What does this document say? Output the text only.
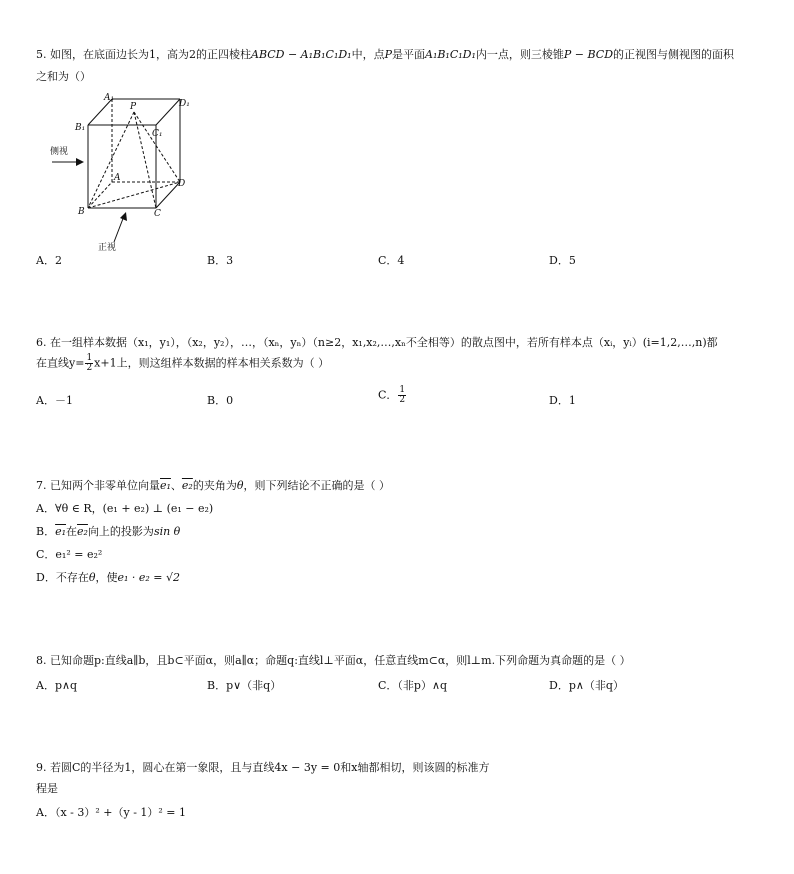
5. 如图，在底面边长为1，高为2的正四棱柱ABCD − A₁B₁C₁D₁中，点P是平面A₁B₁C₁D₁内一点，则三棱锥P − BCD的正视图与侧视图的面积
之和为（）
A₁
P	D₁
B₁
C₁
A
D
B	C
侧视
正视
A．2	B．3	C．4	D．5
6. 在一组样本数据（x₁，y₁），（x₂，y₂），…，（xₙ，yₙ）（n≥2，x₁,x₂,…,xₙ不全相等）的散点图中，若所有样本点（xᵢ，yᵢ）(i=1,2,…,n)都
在直线$y= \frac{1}{2} x+1$上，则这组样本数据的样本相关系数为（ ）
A．－1	B．0	C． $\frac{1}{2}$	D．1
7. 已知两个非零单位向量e₁、e₂的夹角为θ，则下列结论不正确的是（ ）
A．∀θ ∈ R，(e₁ + e₂) ⊥ (e₁ − e₂)
B．e₁在e₂向上的投影为sin θ
C．e₁² = e₂²
D．不存在θ，使e₁ · e₂ = √2
8. 已知命题p:直线a∥b，且b⊂平面α，则a∥α；命题q:直线l⊥平面α，任意直线m⊂α，则l⊥m.下列命题为真命题的是（ ）
A．p∧q	B．p∨（非q）	C．（非p）∧q	D．p∧（非q）
9. 若圆C的半径为1，圆心在第一象限，且与直线4x − 3y = 0和x轴都相切，则该圆的标准方
程是
A．（x - 3）² +（y - 1）² = 1
